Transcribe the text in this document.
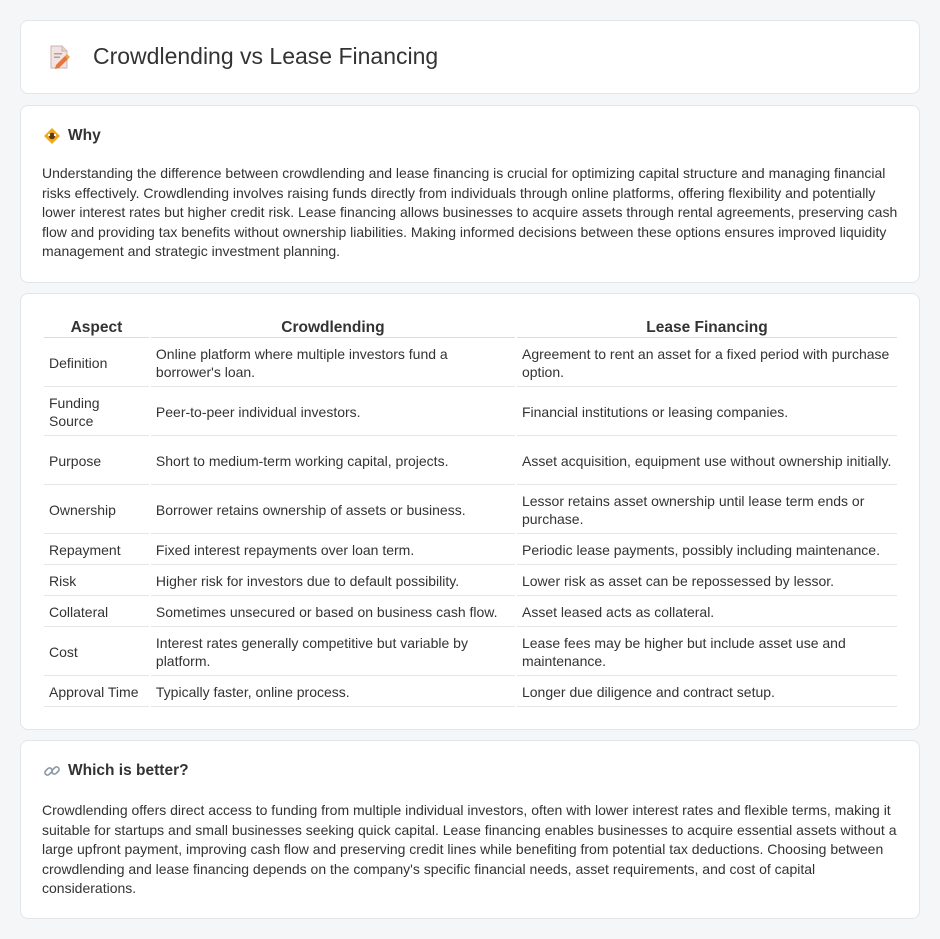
Crowdlending vs Lease Financing
Why

Understanding the difference between crowdlending and lease financing is crucial for optimizing capital structure and managing financial risks effectively. Crowdlending involves raising funds directly from individuals through online platforms, offering flexibility and potentially lower interest rates but higher credit risk. Lease financing allows businesses to acquire assets through rental agreements, preserving cash flow and providing tax benefits without ownership liabilities. Making informed decisions between these options ensures improved liquidity management and strategic investment planning.

Aspect	Crowdlending	Lease Financing
Definition	Online platform where multiple investors fund a borrower's loan.	Agreement to rent an asset for a fixed period with purchase option.
Funding Source	Peer-to-peer individual investors.	Financial institutions or leasing companies.
Purpose	Short to medium-term working capital, projects.	Asset acquisition, equipment use without ownership initially.
Ownership	Borrower retains ownership of assets or business.	Lessor retains asset ownership until lease term ends or purchase.
Repayment	Fixed interest repayments over loan term.	Periodic lease payments, possibly including maintenance.
Risk	Higher risk for investors due to default possibility.	Lower risk as asset can be repossessed by lessor.
Collateral	Sometimes unsecured or based on business cash flow.	Asset leased acts as collateral.
Cost	Interest rates generally competitive but variable by platform.	Lease fees may be higher but include asset use and maintenance.
Approval Time	Typically faster, online process.	Longer due diligence and contract setup.
Which is better?

Crowdlending offers direct access to funding from multiple individual investors, often with lower interest rates and flexible terms, making it suitable for startups and small businesses seeking quick capital. Lease financing enables businesses to acquire essential assets without a large upfront payment, improving cash flow and preserving credit lines while benefiting from potential tax deductions. Choosing between crowdlending and lease financing depends on the company's specific financial needs, asset requirements, and cost of capital considerations.
